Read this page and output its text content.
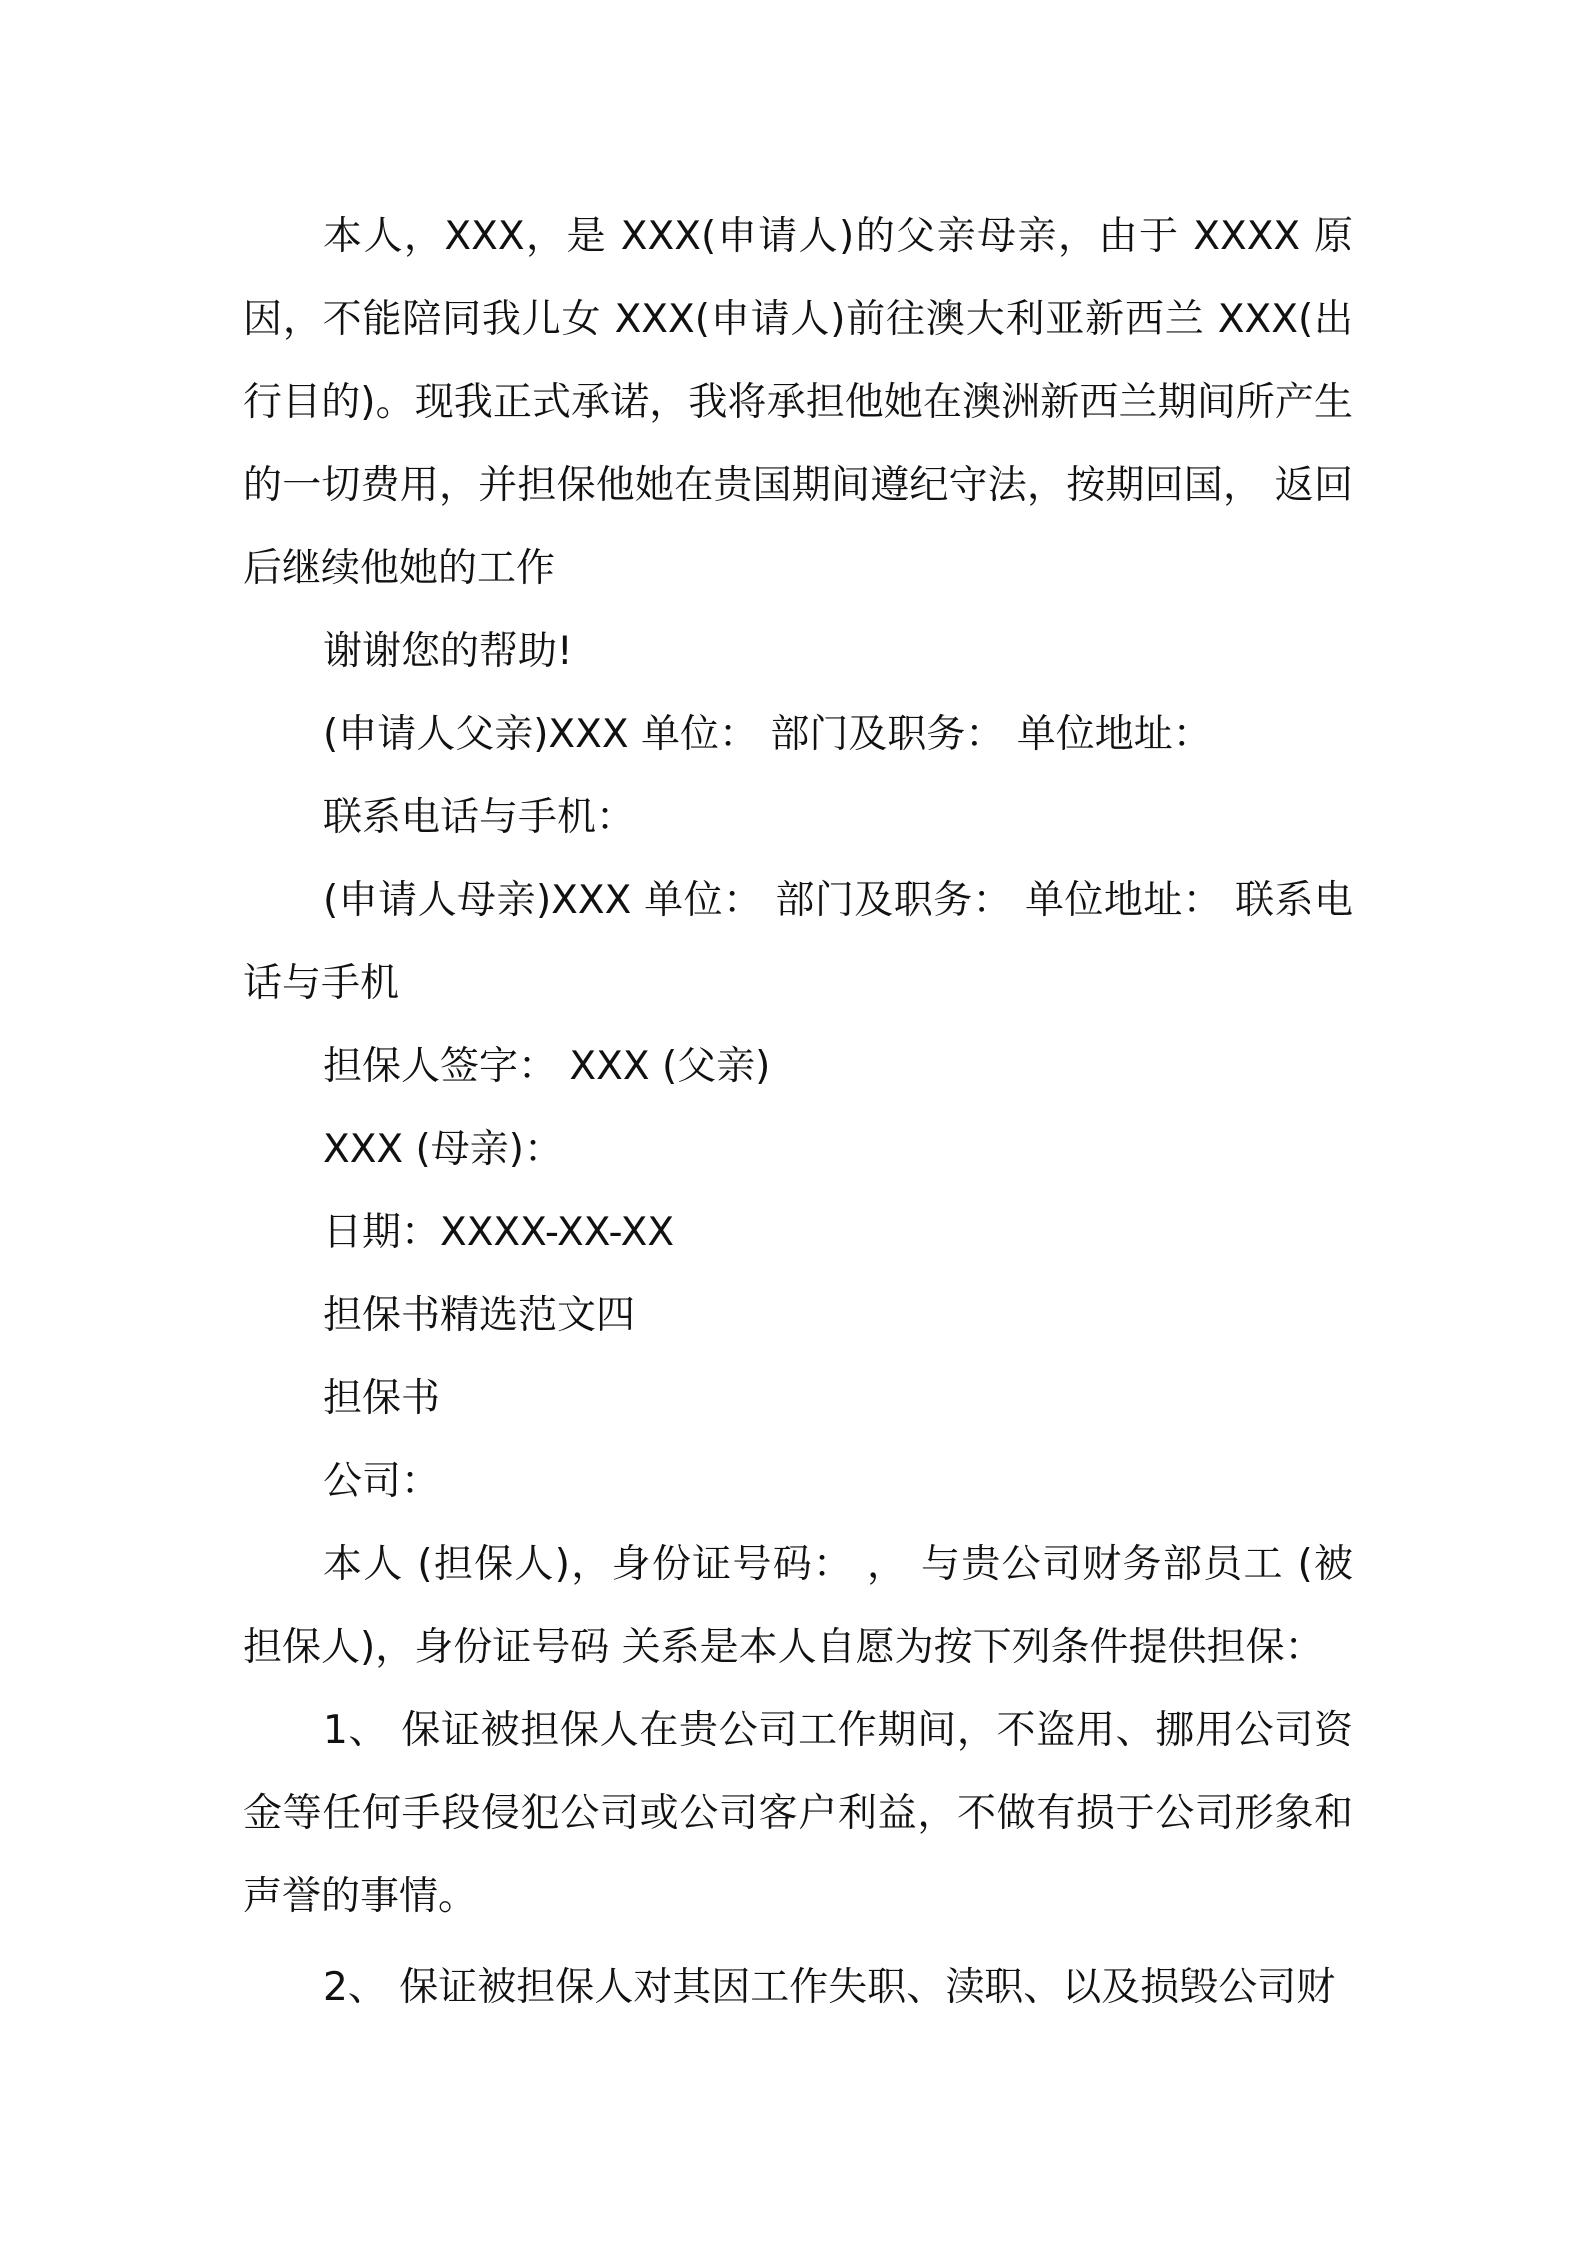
本人，XXX，是 XXX(申请人)的父亲母亲，由于 XXXX 原因，不能陪同我儿女 XXX(申请人)前往澳大利亚新西兰 XXX(出行目的)。现我正式承诺，我将承担他她在澳洲新西兰期间所产生的一切费用，并担保他她在贵国期间遵纪守法，按期回国， 返回后继续他她的工作

谢谢您的帮助!

(申请人父亲)XXX 单位： 部门及职务： 单位地址：

联系电话与手机：

(申请人母亲)XXX 单位： 部门及职务： 单位地址： 联系电话与手机

担保人签字： XXX (父亲)

XXX (母亲)：

日期：XXXX-XX-XX

担保书精选范文四

担保书

公司：

本人 (担保人)，身份证号码： ， 与贵公司财务部员工 (被担保人)，身份证号码 关系是本人自愿为按下列条件提供担保：

1、 保证被担保人在贵公司工作期间，不盗用、挪用公司资金等任何手段侵犯公司或公司客户利益，不做有损于公司形象和声誉的事情。

2、 保证被担保人对其因工作失职、渎职、以及损毁公司财
